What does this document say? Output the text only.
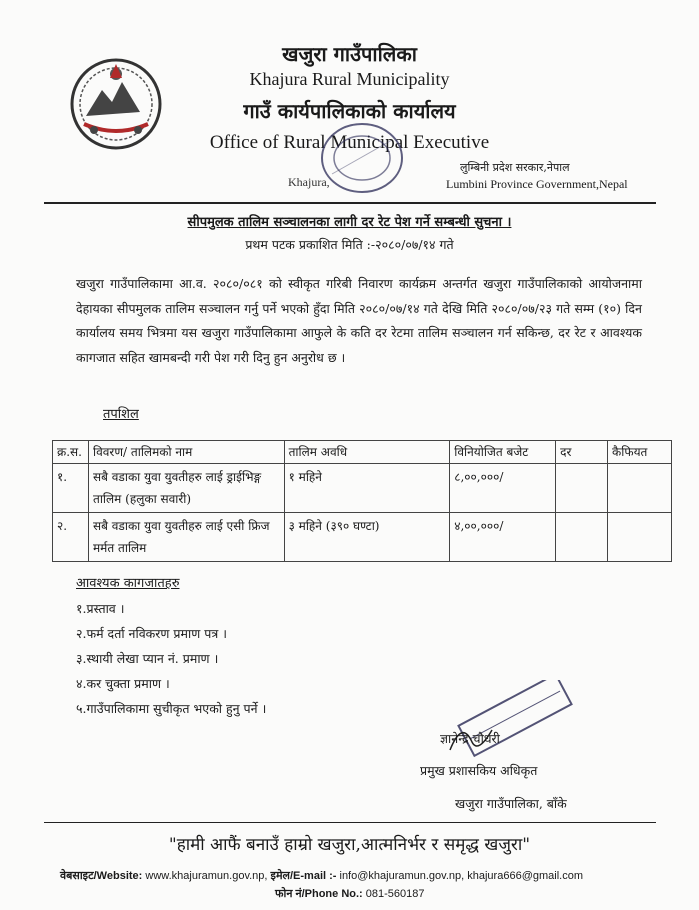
खजुरा गाउँपालिका
Khajura Rural Municipality
गाउँ कार्यपालिकाको कार्यालय
Office of Rural Municipal Executive
Khajura,
लुम्बिनी प्रदेश सरकार,नेपाल
Lumbini Province Government,Nepal
सीपमुलक तालिम सञ्चालनका लागी दर रेट पेश गर्ने सम्बन्धी सुचना ।
प्रथम पटक प्रकाशित मिति :-२०८०/०७/१४ गते
खजुरा गाउँपालिकामा आ.व. २०८०/०८१ को स्वीकृत गरिबी निवारण कार्यक्रम अन्तर्गत खजुरा गाउँपालिकाको आयोजनामा देहायका सीपमुलक तालिम सञ्चालन गर्नु पर्ने भएको हुँदा मिति २०८०/०७/१४ गते देखि मिति २०८०/०७/२३ गते सम्म (१०) दिन कार्यालय समय भित्रमा यस खजुरा गाउँपालिकामा आफुले के कति दर रेटमा तालिम सञ्चालन गर्न सकिन्छ, दर रेट र आवश्यक कागजात सहित खामबन्दी गरी पेश गरी दिनु हुन अनुरोध छ ।
तपशिल
क्र.स.	विवरण/ तालिमको नाम	तालिम अवधि	विनियोजित बजेट	दर	कैफियत
१.	सबै वडाका युवा युवतीहरु लाई ड्राईभिङ्ग तालिम (हलुका सवारी)	१ महिने	८,००,०००/		
२.	सबै वडाका युवा युवतीहरु लाई एसी फ्रिज मर्मत तालिम	३ महिने (३९० घण्टा)	४,००,०००/		
आवश्यक कागजातहरु
१.प्रस्ताव ।
२.फर्म दर्ता नविकरण प्रमाण पत्र ।
३.स्थायी लेखा प्यान नं. प्रमाण ।
४.कर चुक्ता प्रमाण ।
५.गाउँपालिकामा सुचीकृत भएको हुनु पर्ने ।
ज्ञानेन्द्र चौधरी
प्रमुख प्रशासकिय अधिकृत
खजुरा गाउँपालिका, बाँके
"हामी आफैं बनाउँ हाम्रो खजुरा,आत्मनिर्भर र समृद्ध खजुरा"
वेबसाइट/Website: www.khajuramun.gov.np, इमेल/E-mail :- info@khajuramun.gov.np, khajura666@gmail.com
फोन नं/Phone No.: 081-560187
